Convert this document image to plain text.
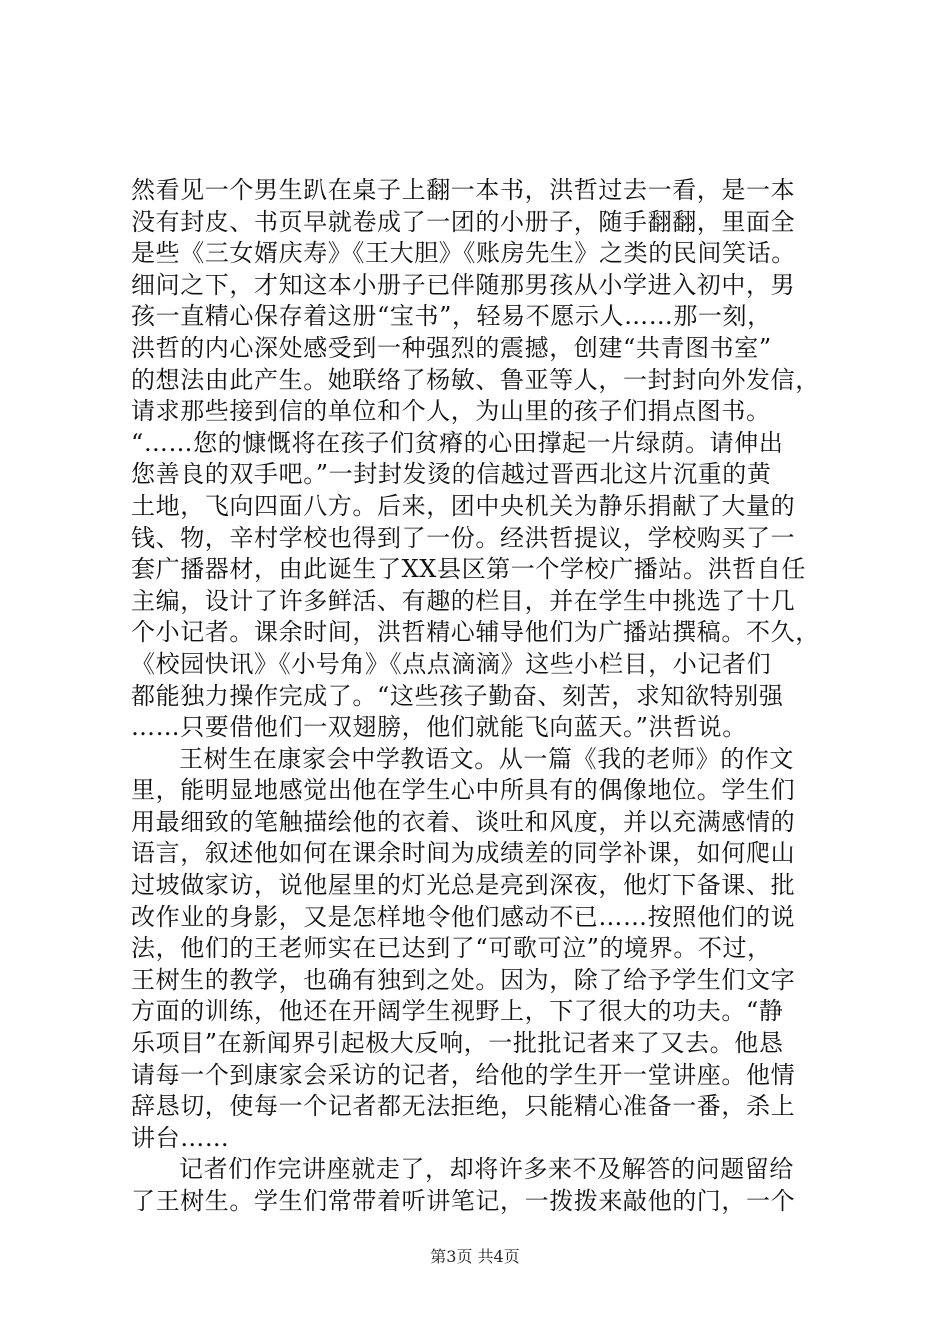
然看见一个男生趴在桌子上翻一本书，洪哲过去一看，是一本
没有封皮、书页早就卷成了一团的小册子，随手翻翻，里面全
是些《三女婿庆寿》《王大胆》《账房先生》之类的民间笑话。
细问之下，才知这本小册子已伴随那男孩从小学进入初中，男
孩一直精心保存着这册“宝书”，轻易不愿示人……那一刻，
洪哲的内心深处感受到一种强烈的震撼，创建“共青图书室”
的想法由此产生。她联络了杨敏、鲁亚等人，一封封向外发信，
请求那些接到信的单位和个人，为山里的孩子们捐点图书。
“……您的慷慨将在孩子们贫瘠的心田撑起一片绿荫。请伸出
您善良的双手吧。”一封封发烫的信越过晋西北这片沉重的黄
土地，飞向四面八方。后来，团中央机关为静乐捐献了大量的
钱、物，辛村学校也得到了一份。经洪哲提议，学校购买了一
套广播器材，由此诞生了XX县区第一个学校广播站。洪哲自任
主编，设计了许多鲜活、有趣的栏目，并在学生中挑选了十几
个小记者。课余时间，洪哲精心辅导他们为广播站撰稿。不久，
《校园快讯》《小号角》《点点滴滴》这些小栏目，小记者们
都能独力操作完成了。“这些孩子勤奋、刻苦，求知欲特别强
……只要借他们一双翅膀，他们就能飞向蓝天。”洪哲说。
王树生在康家会中学教语文。从一篇《我的老师》的作文
里，能明显地感觉出他在学生心中所具有的偶像地位。学生们
用最细致的笔触描绘他的衣着、谈吐和风度，并以充满感情的
语言，叙述他如何在课余时间为成绩差的同学补课，如何爬山
过坡做家访，说他屋里的灯光总是亮到深夜，他灯下备课、批
改作业的身影，又是怎样地令他们感动不已……按照他们的说
法，他们的王老师实在已达到了“可歌可泣”的境界。不过，
王树生的教学，也确有独到之处。因为，除了给予学生们文字
方面的训练，他还在开阔学生视野上，下了很大的功夫。“静
乐项目”在新闻界引起极大反响，一批批记者来了又去。他恳
请每一个到康家会采访的记者，给他的学生开一堂讲座。他情
辞恳切，使每一个记者都无法拒绝，只能精心准备一番，杀上
讲台……
记者们作完讲座就走了，却将许多来不及解答的问题留给
了王树生。学生们常带着听讲笔记，一拨拨来敲他的门，一个
第3页 共4页
